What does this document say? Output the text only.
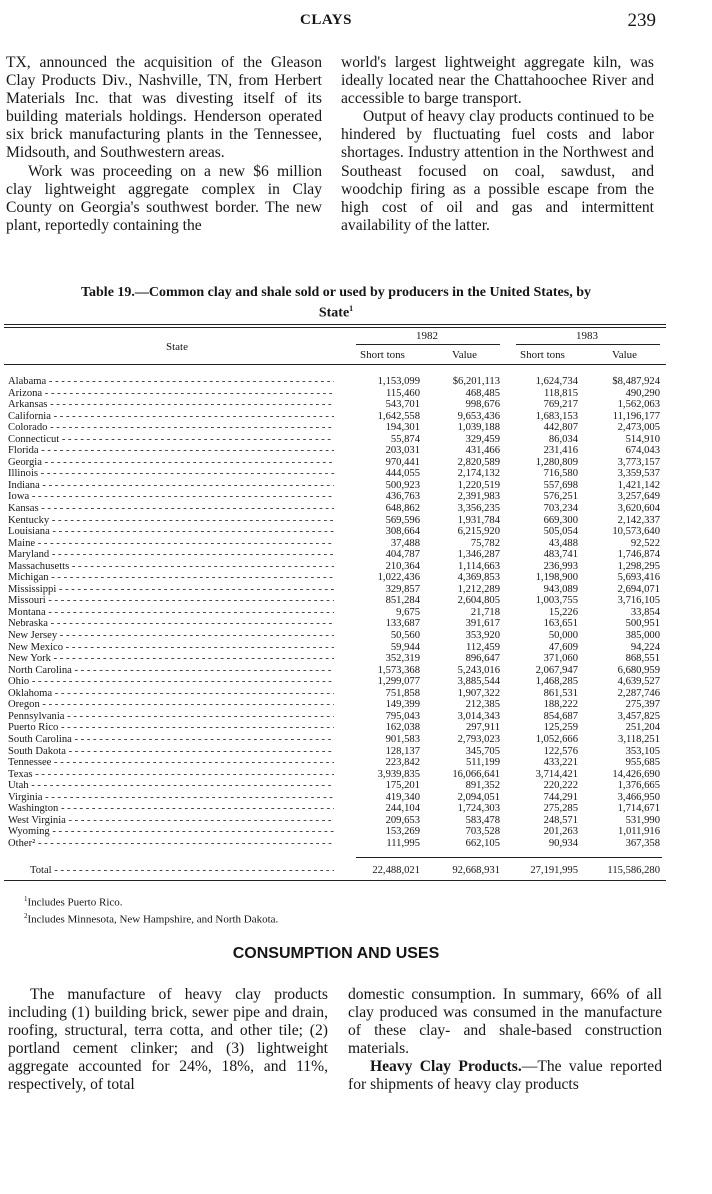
CLAYS	239

TX, announced the acquisition of the Gleason Clay Products Div., Nashville, TN, from Herbert Materials Inc. that was divesting itself of its building materials holdings. Henderson operated six brick manufacturing plants in the Tennessee, Midsouth, and Southwestern areas.

Work was proceeding on a new $6 million clay lightweight aggregate complex in Clay County on Georgia's southwest border. The new plant, reportedly containing the

world's largest lightweight aggregate kiln, was ideally located near the Chattahoochee River and accessible to barge transport.

Output of heavy clay products continued to be hindered by fluctuating fuel costs and labor shortages. Industry attention in the Northwest and Southeast focused on coal, sawdust, and woodchip firing as a possible escape from the high cost of oil and gas and intermittent availability of the latter.

Table 19.—Common clay and shale sold or used by producers in the United States, by
State$^1$
State
1982	1983
Short tons	Value	Short tons	Value
Alabama - - -	1,153,099	$6,201,113	1,624,734	$8,487,924
Arizona - - -	115,460	468,485	118,815	490,290
Arkansas - - -	543,701	998,676	769,217	1,562,063
California - - -	1,642,558	9,653,436	1,683,153	11,196,177
Colorado - - -	194,301	1,039,188	442,807	2,473,005
Connecticut - - -	55,874	329,459	86,034	514,910
Florida - - -	203,031	431,466	231,416	674,043
Georgia - - -	970,441	2,820,589	1,280,809	3,773,157
Illinois - - -	444,055	2,174,132	716,580	3,359,537
Indiana - - -	500,923	1,220,519	557,698	1,421,142
Iowa - - -	436,763	2,391,983	576,251	3,257,649
Kansas - - -	648,862	3,356,235	703,234	3,620,604
Kentucky - - -	569,596	1,931,784	669,300	2,142,337
Louisiana - - -	308,664	6,215,920	505,054	10,573,640
Maine - - -	37,488	75,782	43,488	92,522
Maryland - - -	404,787	1,346,287	483,741	1,746,874
Massachusetts - - -	210,364	1,114,663	236,993	1,298,295
Michigan - - -	1,022,436	4,369,853	1,198,900	5,693,416
Mississippi - - -	329,857	1,212,289	943,089	2,694,071
Missouri - - -	851,284	2,604,805	1,003,755	3,716,105
Montana - - -	9,675	21,718	15,226	33,854
Nebraska - - -	133,687	391,617	163,651	500,951
New Jersey - - -	50,560	353,920	50,000	385,000
New Mexico - - -	59,944	112,459	47,609	94,224
New York - - -	352,319	896,647	371,060	868,551
North Carolina - - -	1,573,368	5,243,016	2,067,947	6,680,959
Ohio - - -	1,299,077	3,885,544	1,468,285	4,639,527
Oklahoma - - -	751,858	1,907,322	861,531	2,287,746
Oregon - - -	149,399	212,385	188,222	275,397
Pennsylvania - - -	795,043	3,014,343	854,687	3,457,825
Puerto Rico - - -	162,038	297,911	125,259	251,204
South Carolina - - -	901,583	2,793,023	1,052,666	3,118,251
South Dakota - - -	128,137	345,705	122,576	353,105
Tennessee - - -	223,842	511,199	433,221	955,685
Texas - - -	3,939,835	16,066,641	3,714,421	14,426,690
Utah - - -	175,201	891,352	220,222	1,376,665
Virginia - - -	419,340	2,094,051	744,291	3,466,950
Washington - - -	244,104	1,724,303	275,285	1,714,671
West Virginia - - -	209,653	583,478	248,571	531,990
Wyoming - - -	153,269	703,528	201,263	1,011,916
Other² - - -	111,995	662,105	90,934	367,358
Total - - -	22,488,021	92,668,931	27,191,995	115,586,280
$^1$Includes Puerto Rico.
$^2$Includes Minnesota, New Hampshire, and North Dakota.
CONSUMPTION AND USES

The manufacture of heavy clay products including (1) building brick, sewer pipe and drain, roofing, structural, terra cotta, and other tile; (2) portland cement clinker; and (3) lightweight aggregate accounted for 24%, 18%, and 11%, respectively, of total

domestic consumption. In summary, 66% of all clay produced was consumed in the manufacture of these clay- and shale-based construction materials.

Heavy Clay Products.—The value reported for shipments of heavy clay products
